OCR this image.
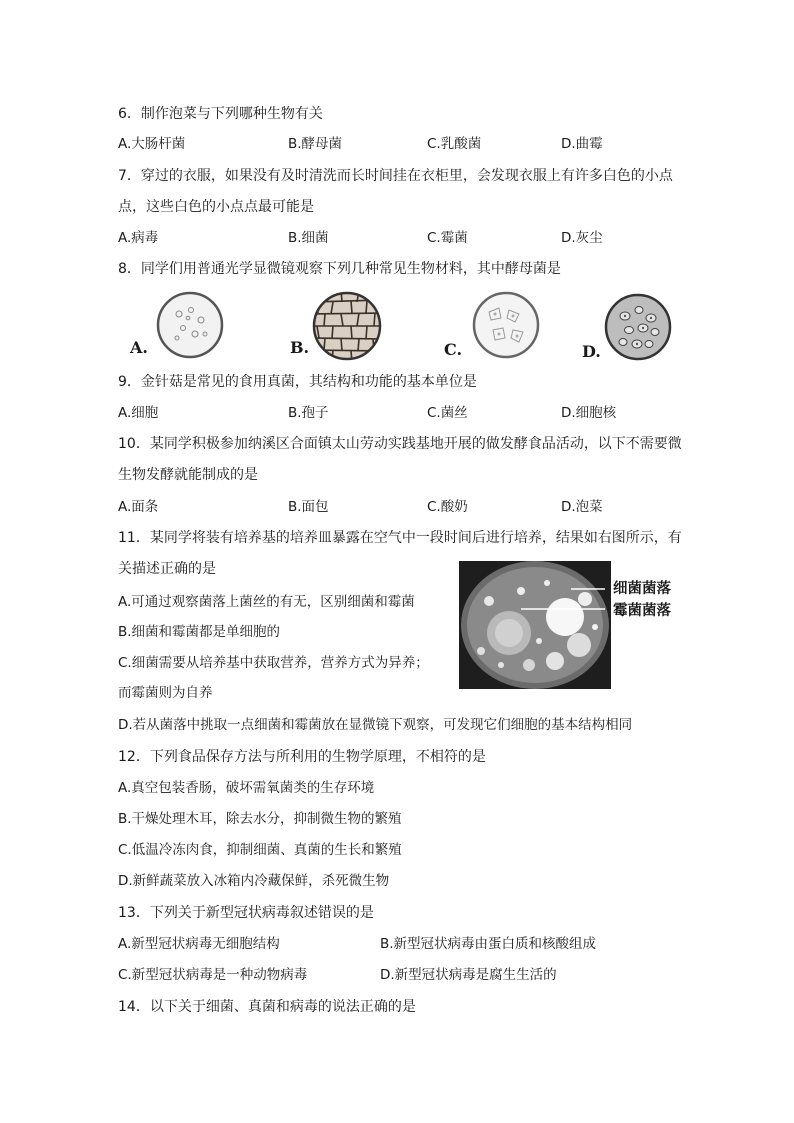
6．制作泡菜与下列哪种生物有关
A.大肠杆菌	B.酵母菌	C.乳酸菌	D.曲霉
7．穿过的衣服，如果没有及时清洗而长时间挂在衣柜里，会发现衣服上有许多白色的小点
点，这些白色的小点点最可能是
A.病毒	B.细菌	C.霉菌	D.灰尘
8．同学们用普通光学显微镜观察下列几种常见生物材料，其中酵母菌是
A.	B.	C.	D.
9．金针菇是常见的食用真菌，其结构和功能的基本单位是
A.细胞	B.孢子	C.菌丝	D.细胞核
10．某同学积极参加纳溪区合面镇太山劳动实践基地开展的做发酵食品活动，以下不需要微
生物发酵就能制成的是
A.面条	B.面包	C.酸奶	D.泡菜
11．某同学将装有培养基的培养皿暴露在空气中一段时间后进行培养，结果如右图所示，有
关描述正确的是
A.可通过观察菌落上菌丝的有无，区别细菌和霉菌
B.细菌和霉菌都是单细胞的
C.细菌需要从培养基中获取营养，营养方式为异养；
而霉菌则为自养
D.若从菌落中挑取一点细菌和霉菌放在显微镜下观察，可发现它们细胞的基本结构相同
细菌菌落
霉菌菌落
12．下列食品保存方法与所利用的生物学原理，不相符的是
A.真空包装香肠，破坏需氧菌类的生存环境
B.干燥处理木耳，除去水分，抑制微生物的繁殖
C.低温冷冻肉食，抑制细菌、真菌的生长和繁殖
D.新鲜蔬菜放入冰箱内冷藏保鲜，杀死微生物
13．下列关于新型冠状病毒叙述错误的是
A.新型冠状病毒无细胞结构	B.新型冠状病毒由蛋白质和核酸组成
C.新型冠状病毒是一种动物病毒	D.新型冠状病毒是腐生生活的
14．以下关于细菌、真菌和病毒的说法正确的是
